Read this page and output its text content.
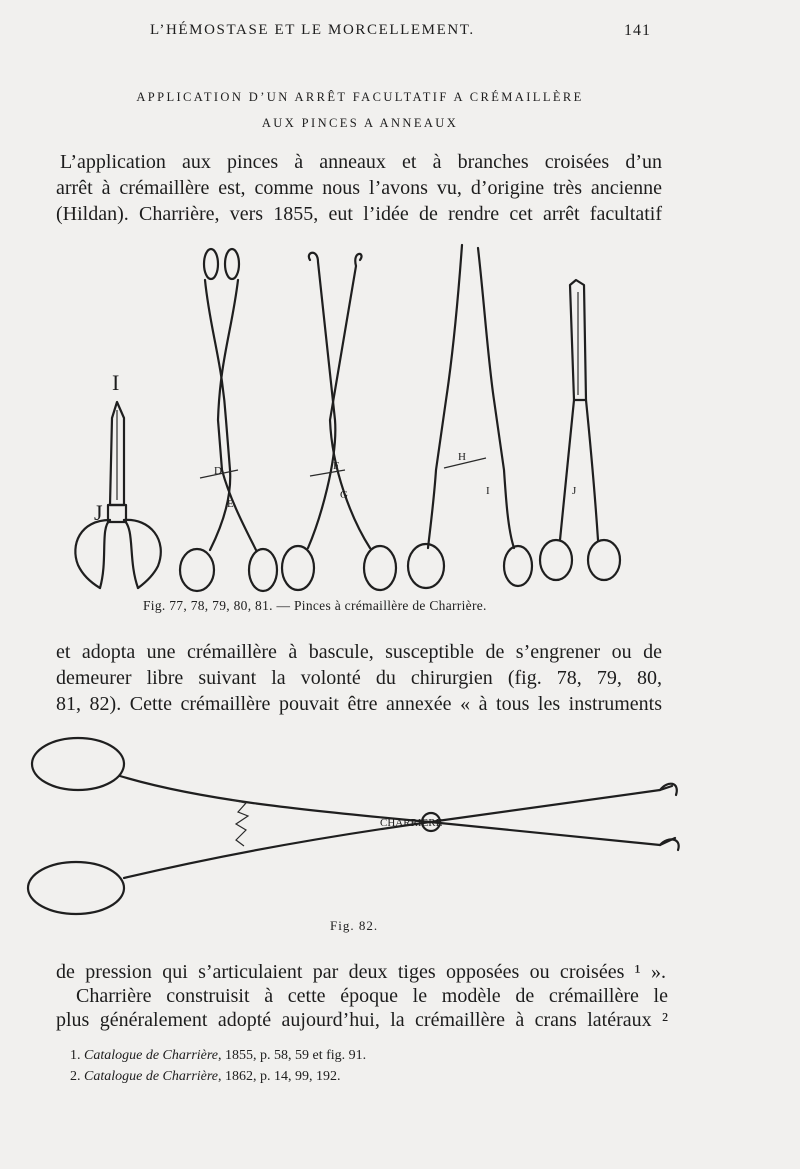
L’HÉMOSTASE ET LE MORCELLEMENT.	141
APPLICATION D’UN ARRÊT FACULTATIF A CRÉMAILLÈRE
AUX PINCES A ANNEAUX
L’application aux pinces à anneaux et à branches croisées d’un
arrêt à crémaillère est, comme nous l’avons vu, d’origine très ancienne
(Hildan). Charrière, vers 1855, eut l’idée de rendre cet arrêt facultatif
D
E
F
G
H
I	J
I
J
CHARRIERE
Fig. 77, 78, 79, 80, 81. — Pinces à crémaillère de Charrière.
et adopta une crémaillère à bascule, susceptible de s’engrener ou de
demeurer libre suivant la volonté du chirurgien (fig. 78, 79, 80,
81, 82). Cette crémaillère pouvait être annexée « à tous les instruments
Fig. 82.
de pression qui s’articulaient par deux tiges opposées ou croisées ¹ ».
Charrière construisit à cette époque le modèle de crémaillère le
plus généralement adopté aujourd’hui, la crémaillère à crans latéraux ²
1. Catalogue de Charrière, 1855, p. 58, 59 et fig. 91.
2. Catalogue de Charrière, 1862, p. 14, 99, 192.
